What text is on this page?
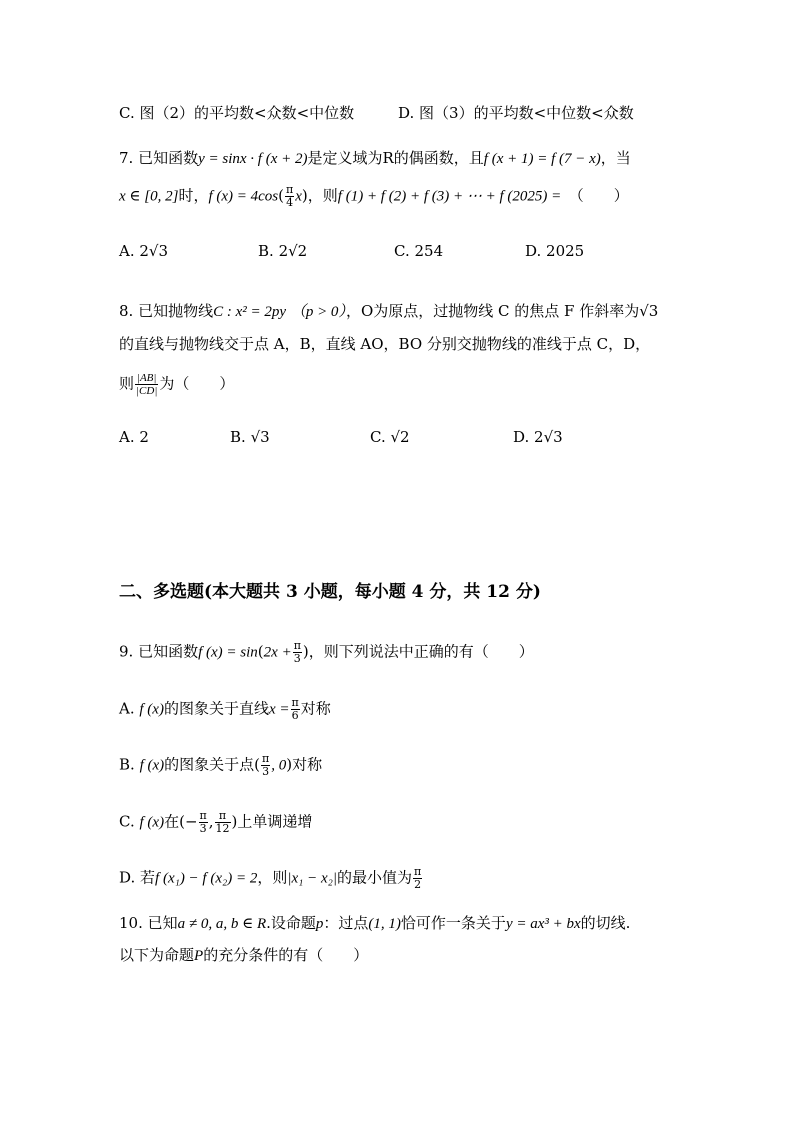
C. 图（2）的平均数<众数<中位数	D. 图（3）的平均数<中位数<众数
7. 已知函数y = sinx · f (x + 2)是定义域为R的偶函数，且f (x + 1) = f (7 − x)，当
x ∈ [0, 2]时，f $(x) = 4\cos( \frac{\pi}{4} x)$，则f (1) + f (2) + f (3) + ⋯ + f (2025) =　 （　　）
A. 2√3	B. 2√2	C. 254	D. 2025
8. 已知抛物线C : x² = 2py （p > 0），O为原点，过抛物线 C 的焦点 F 作斜率为√3
的直线与抛物线交于点 A，B，直线 AO，BO 分别交抛物线的准线于点 C，D，
则 $\frac{|AB|}{|CD|}$ 为（　　）
A. 2	B. √3	C. √2	D. 2√3
二、多选题(本大题共 3 小题，每小题 4 分，共 12 分)
9. 已知函数f $(x) = \sin(2x + \frac{\pi}{3}$ )，则下列说法中正确的有（　　）
A. f (x)的图象关于直线$x = \frac{\pi}{6}$ 对称
B. f (x)的图象关于点( $\frac{\pi}{3}$ , 0)对称
C. f (x)在(− $\frac{\pi}{3}$ , $\frac{\pi}{12}$ )上单调递增
D. 若f (x₁) − f (x₂) = 2，则|x₁ − x₂|的最小值为 $\frac{\pi}{2}$
10. 已知a ≠ 0, a, b ∈ R.设命题p：过点(1, 1)恰可作一条关于y = ax³ + bx的切线.
以下为命题P的充分条件的有（　　）
